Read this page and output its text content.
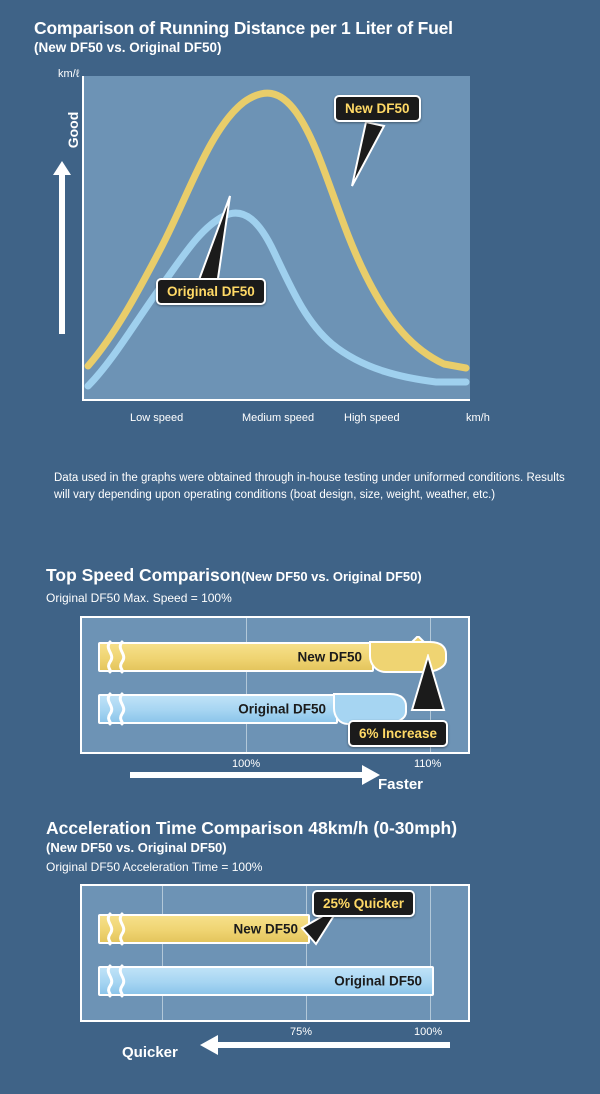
Comparison of Running Distance per 1 Liter of Fuel
(New DF50 vs. Original DF50)
km/ℓ
km/h
Good
New DF50
Original DF50
Low speed	Medium speed	High speed
Data used in the graphs were obtained through in-house testing under uniformed conditions. Results will vary depending upon operating conditions (boat design, size, weight, weather, etc.)
Top Speed Comparison(New DF50 vs. Original DF50)
Original DF50 Max. Speed = 100%
New DF50
Original DF50
100%	110%
6% Increase
Faster
Acceleration Time Comparison 48km/h (0-30mph)
(New DF50 vs. Original DF50)
Original DF50 Acceleration Time = 100%
New DF50
Original DF50
25% Quicker
75%	100%
Quicker
